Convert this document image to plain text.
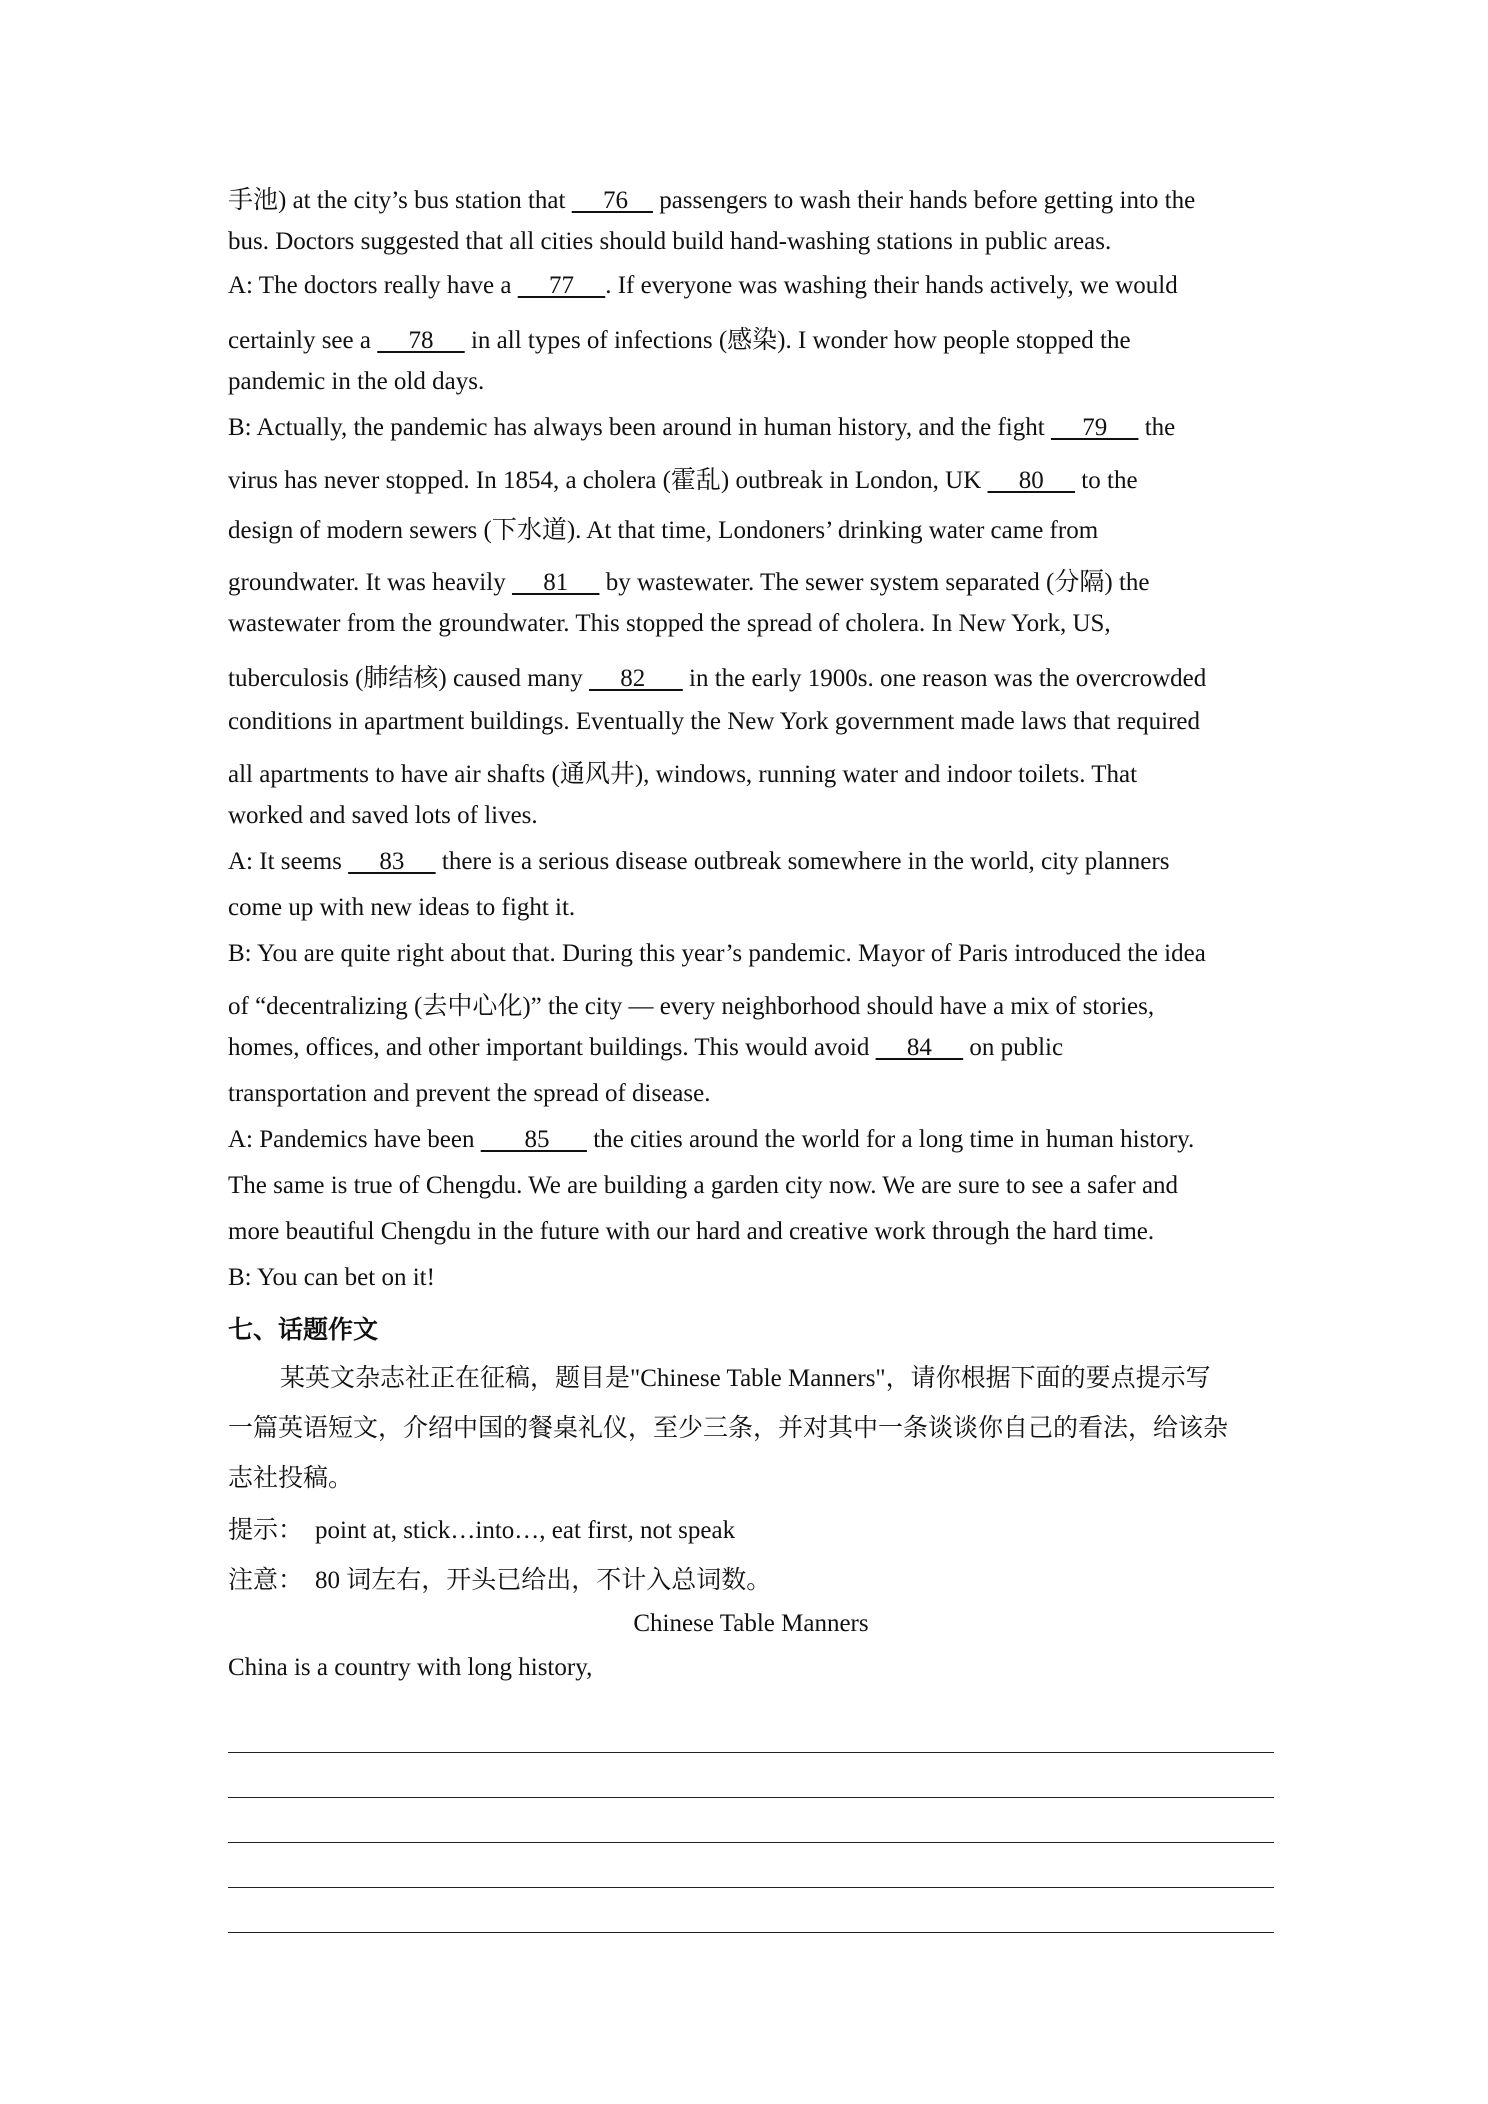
手池) at the city’s bus station that      76     passengers to wash their hands before getting into the
bus. Doctors suggested that all cities should build hand-washing stations in public areas.
A: The doctors really have a      77     . If everyone was washing their hands actively, we would
certainly see a      78      in all types of infections (感染). I wonder how people stopped the
pandemic in the old days.
B: Actually, the pandemic has always been around in human history, and the fight      79      the
virus has never stopped. In 1854, a cholera (霍乱) outbreak in London, UK      80      to the
design of modern sewers (下水道). At that time, Londoners’ drinking water came from
groundwater. It was heavily      81      by wastewater. The sewer system separated (分隔) the
wastewater from the groundwater. This stopped the spread of cholera. In New York, US,
tuberculosis (肺结核) caused many      82       in the early 1900s. one reason was the overcrowded
conditions in apartment buildings. Eventually the New York government made laws that required
all apartments to have air shafts (通风井), windows, running water and indoor toilets. That
worked and saved lots of lives.
A: It seems      83      there is a serious disease outbreak somewhere in the world, city planners
come up with new ideas to fight it.
B: You are quite right about that. During this year’s pandemic. Mayor of Paris introduced the idea
of “decentralizing (去中心化)” the city — every neighborhood should have a mix of stories,
homes, offices, and other important buildings. This would avoid      84      on public
transportation and prevent the spread of disease.
A: Pandemics have been        85       the cities around the world for a long time in human history.
The same is true of Chengdu. We are building a garden city now. We are sure to see a safer and
more beautiful Chengdu in the future with our hard and creative work through the hard time.
B: You can bet on it!
七、话题作文
某英文杂志社正在征稿，题目是"Chinese Table Manners"，请你根据下面的要点提示写
一篇英语短文，介绍中国的餐桌礼仪，至少三条，并对其中一条谈谈你自己的看法，给该杂
志社投稿。
提示： point at, stick…into…, eat first, not speak
注意： 80 词左右，开头已给出，不计入总词数。
Chinese Table Manners
China is a country with long history,
